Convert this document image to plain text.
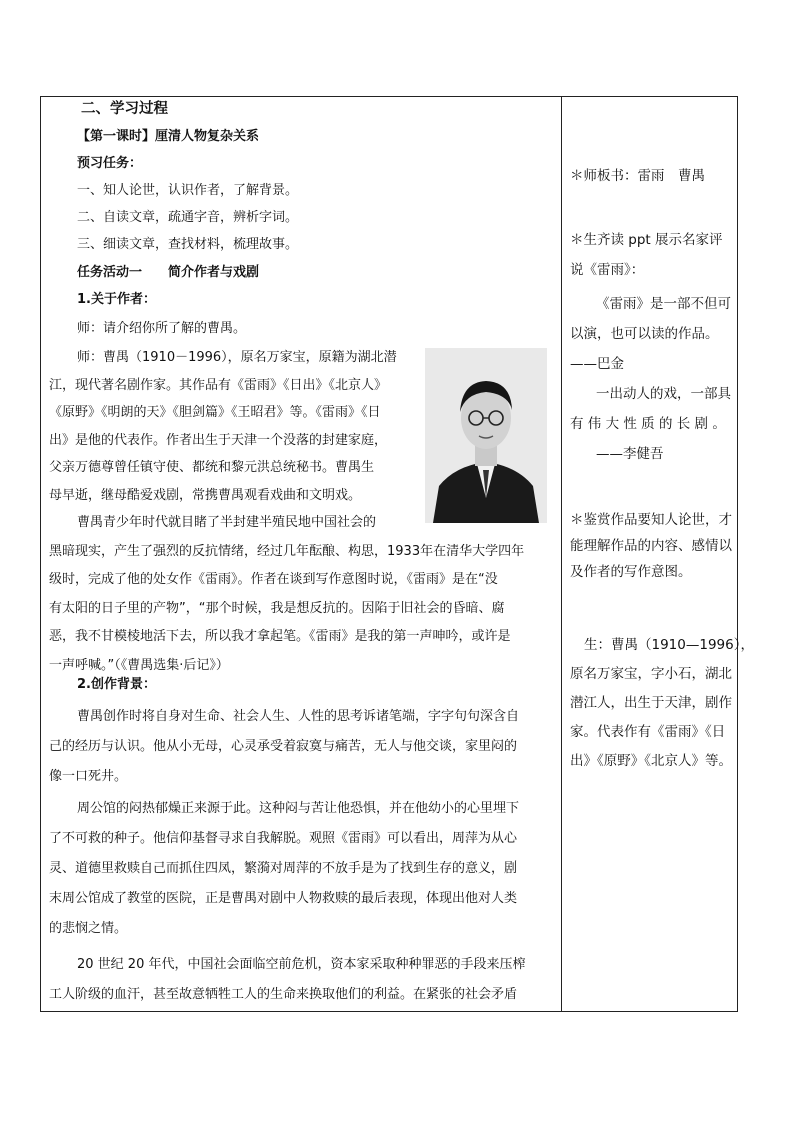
二、学习过程
【第一课时】厘清人物复杂关系
预习任务：
一、知人论世，认识作者，了解背景。
二、自读文章，疏通字音，辨析字词。
三、细读文章，查找材料，梳理故事。
任务活动一　　简介作者与戏剧
1.关于作者：
师：请介绍你所了解的曹禺。
师：曹禺（1910－1996），原名万家宝，原籍为湖北潜
江，现代著名剧作家。其作品有《雷雨》《日出》《北京人》
《原野》《明朗的天》《胆剑篇》《王昭君》等。《雷雨》《日
出》是他的代表作。作者出生于天津一个没落的封建家庭，
父亲万德尊曾任镇守使、都统和黎元洪总统秘书。曹禺生
母早逝，继母酷爱戏剧，常携曹禺观看戏曲和文明戏。
曹禺青少年时代就目睹了半封建半殖民地中国社会的
黑暗现实，产生了强烈的反抗情绪，经过几年酝酿、构思，1933年在清华大学四年
级时，完成了他的处女作《雷雨》。作者在谈到写作意图时说，《雷雨》是在“没
有太阳的日子里的产物”，“那个时候，我是想反抗的。因陷于旧社会的昏暗、腐
恶，我不甘模棱地活下去，所以我才拿起笔。《雷雨》是我的第一声呻吟，或许是
一声呼喊。”（《曹禺选集·后记》）
2.创作背景：
曹禺创作时将自身对生命、社会人生、人性的思考诉诸笔端，字字句句深含自
己的经历与认识。他从小无母，心灵承受着寂寞与痛苦，无人与他交谈，家里闷的
像一口死井。
周公馆的闷热郁燥正来源于此。这种闷与苦让他恐惧，并在他幼小的心里埋下
了不可救的种子。他信仰基督寻求自我解脱。观照《雷雨》可以看出，周萍为从心
灵、道德里救赎自己而抓住四凤，繁漪对周萍的不放手是为了找到生存的意义，剧
末周公馆成了教堂的医院，正是曹禺对剧中人物救赎的最后表现，体现出他对人类
的悲悯之情。
20 世纪 20 年代，中国社会面临空前危机，资本家采取种种罪恶的手段来压榨
工人阶级的血汗，甚至故意牺牲工人的生命来换取他们的利益。在紧张的社会矛盾
＊师板书：雷雨　曹禺
＊生齐读 ppt 展示名家评
说《雷雨》：
《雷雨》是一部不但可
以演，也可以读的作品。
——巴金
一出动人的戏，一部具
有 伟 大 性 质 的 长 剧 。
——李健吾
＊鉴赏作品要知人论世，才
能理解作品的内容、感情以
及作者的写作意图。
生：曹禺（1910—1996），
原名万家宝，字小石，湖北
潜江人，出生于天津，剧作
家。代表作有《雷雨》《日
出》《原野》《北京人》等。
